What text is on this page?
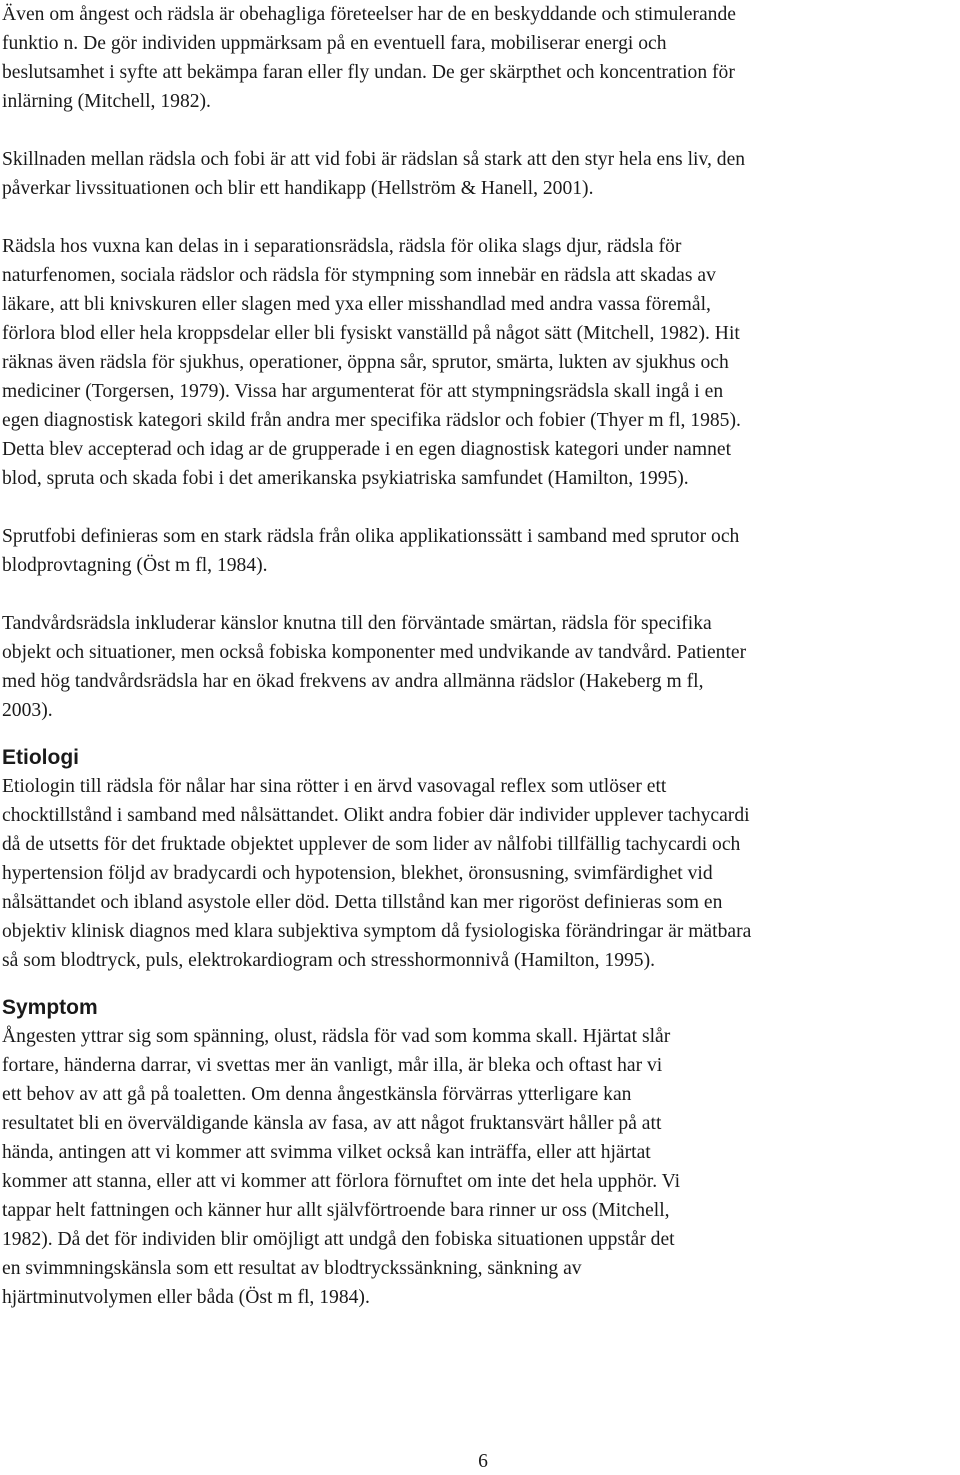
Även om ångest och rädsla är obehagliga företeelser har de en beskyddande och stimulerande
funktio n. De gör individen uppmärksam på en eventuell fara, mobiliserar energi och
beslutsamhet i syfte att bekämpa faran eller fly undan. De ger skärpthet och koncentration för
inlärning (Mitchell, 1982).

Skillnaden mellan rädsla och fobi är att vid fobi är rädslan så stark att den styr hela ens liv, den
påverkar livssituationen och blir ett handikapp (Hellström & Hanell, 2001).

Rädsla hos vuxna kan delas in i separationsrädsla, rädsla för olika slags djur, rädsla för
naturfenomen, sociala rädslor och rädsla för stympning som innebär en rädsla att skadas av
läkare, att bli knivskuren eller slagen med yxa eller misshandlad med andra vassa föremål,
förlora blod eller hela kroppsdelar eller bli fysiskt vanställd på något sätt (Mitchell, 1982). Hit
räknas även rädsla för sjukhus, operationer, öppna sår, sprutor, smärta, lukten av sjukhus och
mediciner (Torgersen, 1979). Vissa har argumenterat för att stympningsrädsla skall ingå i en
egen diagnostisk kategori skild från andra mer specifika rädslor och fobier (Thyer m fl, 1985).
Detta blev accepterad och idag ar de grupperade i en egen diagnostisk kategori under namnet
blod, spruta och skada fobi i det amerikanska psykiatriska samfundet (Hamilton, 1995).

Sprutfobi definieras som en stark rädsla från olika applikationssätt i samband med sprutor och
blodprovtagning (Öst m fl, 1984).

Tandvårdsrädsla inkluderar känslor knutna till den förväntade smärtan, rädsla för specifika
objekt och situationer, men också fobiska komponenter med undvikande av tandvård. Patienter
med hög tandvårdsrädsla har en ökad frekvens av andra allmänna rädslor (Hakeberg m fl,
2003).

Etiologi

Etiologin till rädsla för nålar har sina rötter i en ärvd vasovagal reflex som utlöser ett
chocktillstånd i samband med nålsättandet. Olikt andra fobier där individer upplever tachycardi
då de utsetts för det fruktade objektet upplever de som lider av nålfobi tillfällig tachycardi och
hypertension följd av bradycardi och hypotension, blekhet, öronsusning, svimfärdighet vid
nålsättandet och ibland asystole eller död. Detta tillstånd kan mer rigoröst definieras som en
objektiv klinisk diagnos med klara subjektiva symptom då fysiologiska förändringar är mätbara
så som blodtryck, puls, elektrokardiogram och stresshormonnivå (Hamilton, 1995).

Symptom

Ångesten yttrar sig som spänning, olust, rädsla för vad som komma skall. Hjärtat slår
fortare, händerna darrar, vi svettas mer än vanligt, mår illa, är bleka och oftast har vi
ett behov av att gå på toaletten. Om denna ångestkänsla förvärras ytterligare kan
resultatet bli en överväldigande känsla av fasa, av att något fruktansvärt håller på att
hända, antingen att vi kommer att svimma vilket också kan inträffa, eller att hjärtat
kommer att stanna, eller att vi kommer att förlora förnuftet om inte det hela upphör. Vi
tappar helt fattningen och känner hur allt självförtroende bara rinner ur oss (Mitchell,
1982). Då det för individen blir omöjligt att undgå den fobiska situationen uppstår det
en svimmningskänsla som ett resultat av blodtryckssänkning, sänkning av
hjärtminutvolymen eller båda (Öst m fl, 1984).

6
